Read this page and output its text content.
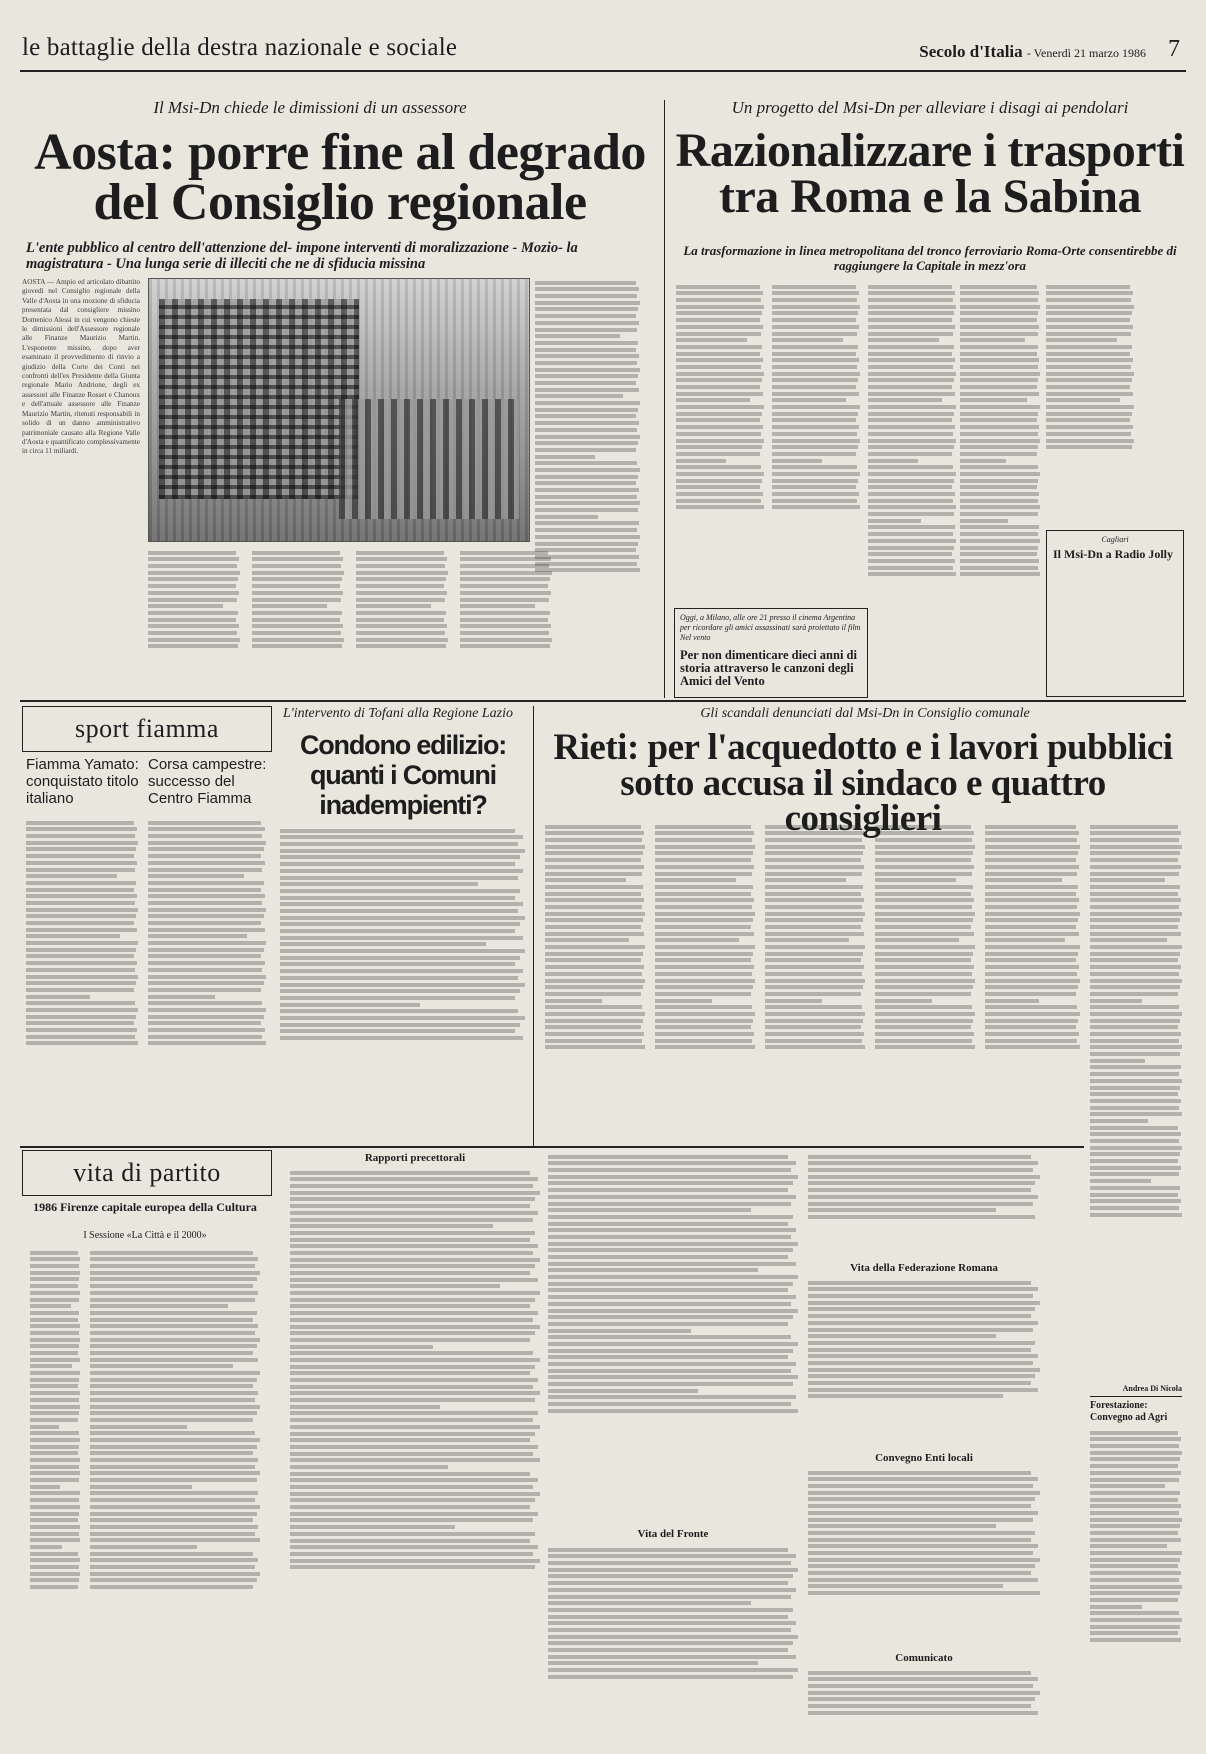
le battaglie della destra nazionale e sociale	Secolo d'Italia - Venerdì 21 marzo 1986 7
Il Msi-Dn chiede le dimissioni di un assessore
Aosta: porre fine al degrado
del Consiglio regionale
L'ente pubblico al centro dell'attenzione del- impone interventi di moralizzazione - Mozio- la magistratura - Una lunga serie di illeciti che ne di sfiducia missina
AOSTA — Ampio ed articolato dibattito giovedì nel Consiglio regionale della Valle d'Aosta in una mozione di sfiducia presentata dal consigliere missino Domenico Alessi in cui vengono chieste le dimissioni dell'Assessore regionale alle Finanze Maurizio Martin. L'esponente missino, dopo aver esaminato il provvedimento di rinvio a giudizio della Corte dei Conti nei confronti dell'ex Presidente della Giunta regionale Mario Andrione, degli ex assessori alle Finanze Rosset e Chanoux e dell'attuale assessore alle Finanze Maurizio Martin, ritenuti responsabili in solido di un danno amministrativo patrimoniale causato alla Regione Valle d'Aosta e quantificato complessivamente in circa 11 miliardi.
Un progetto del Msi-Dn per alleviare i disagi ai pendolari
Razionalizzare i trasporti
tra Roma e la Sabina
La trasformazione in linea metropolitana del tronco ferroviario Roma-Orte consentirebbe di raggiungere la Capitale in mezz'ora
Oggi, a Milano, alle ore 21 presso il cinema Argentina per ricordare gli amici assassinati sarà proiettato il film Nel vento
Per non dimenticare dieci anni di storia attraverso le canzoni degli Amici del Vento
Cagliari
Il Msi-Dn a Radio Jolly
sport fiamma
Fiamma Yamato: conquistato titolo italiano
Corsa campestre: successo del Centro Fiamma
L'intervento di Tofani alla Regione Lazio
Condono edilizio: quanti i Comuni inadempienti?
Gli scandali denunciati dal Msi-Dn in Consiglio comunale
Rieti: per l'acquedotto e i lavori pubblici
sotto accusa il sindaco e quattro consiglieri
vita di partito
1986 Firenze capitale europea della Cultura
I Sessione «La Città e il 2000»
Rapporti precettorali
Vita del Fronte
Vita della Federazione Romana
Convegno Enti locali
Comunicato
Andrea Di Nicola
Forestazione: Convegno ad Agri
